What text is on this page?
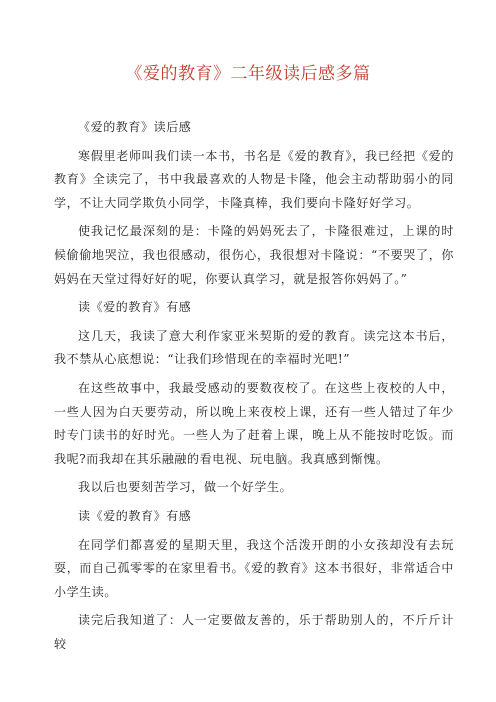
《爱的教育》二年级读后感多篇

《爱的教育》读后感

寒假里老师叫我们读一本书，书名是《爱的教育》，我已经把《爱的教育》全读完了，书中我最喜欢的人物是卡隆，他会主动帮助弱小的同学，不让大同学欺负小同学，卡隆真棒，我们要向卡隆好好学习。

使我记忆最深刻的是：卡隆的妈妈死去了，卡隆很难过，上课的时候偷偷地哭泣，我也很感动，很伤心，我很想对卡隆说：“不要哭了，你妈妈在天堂过得好好的呢，你要认真学习，就是报答你妈妈了。”

读《爱的教育》有感

这几天，我读了意大利作家亚米契斯的爱的教育。读完这本书后，我不禁从心底想说：“让我们珍惜现在的幸福时光吧!”

在这些故事中，我最受感动的要数夜校了。在这些上夜校的人中，一些人因为白天要劳动，所以晚上来夜校上课，还有一些人错过了年少时专门读书的好时光。一些人为了赶着上课，晚上从不能按时吃饭。而我呢?而我却在其乐融融的看电视、玩电脑。我真感到惭愧。

我以后也要刻苦学习，做一个好学生。

读《爱的教育》有感

在同学们都喜爱的星期天里，我这个活泼开朗的小女孩却没有去玩耍，而自己孤零零的在家里看书。《爱的教育》这本书很好，非常适合中小学生读。

读完后我知道了：人一定要做友善的，乐于帮助别人的，不斤斤计较
